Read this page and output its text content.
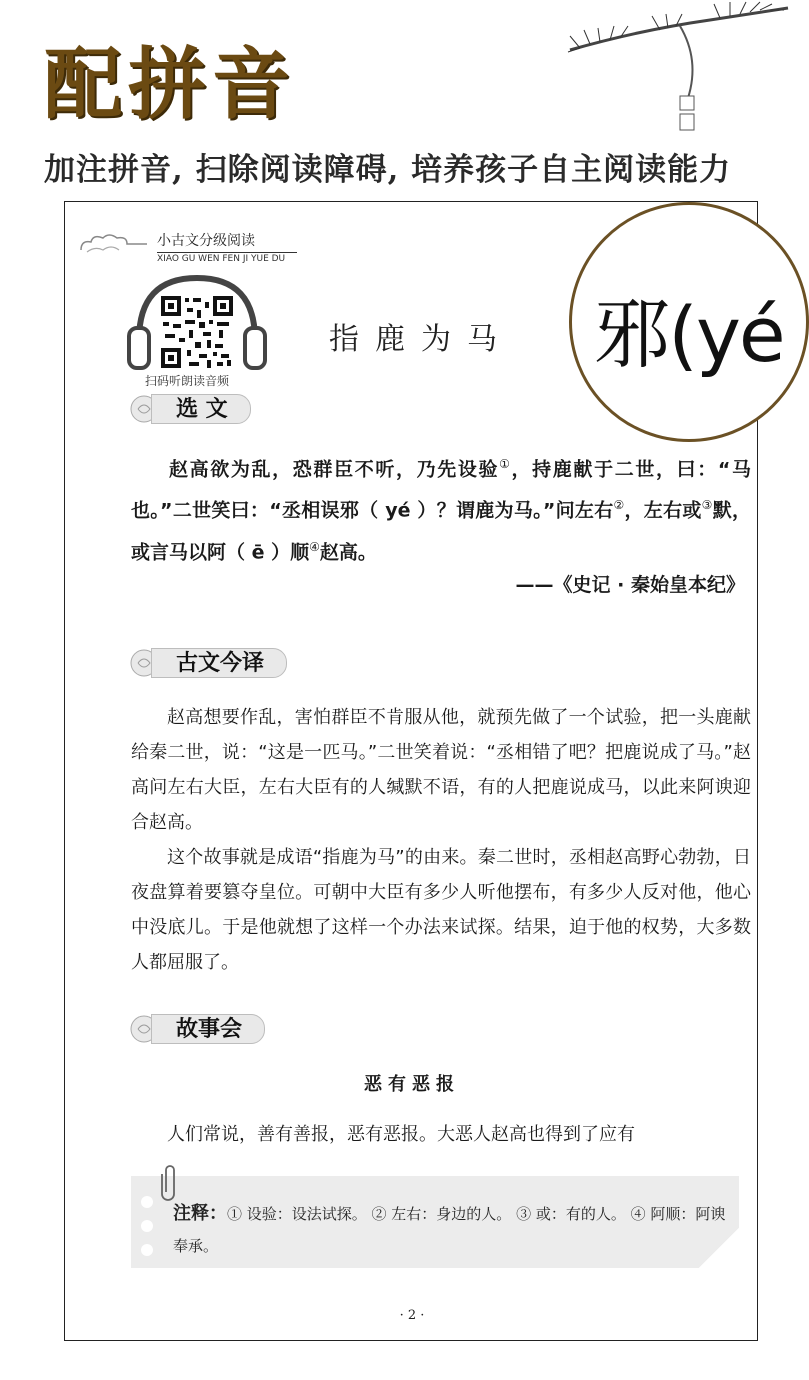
配拼音
加注拼音, 扫除阅读障碍, 培养孩子自主阅读能力
小古文分级阅读
XIAO GU WEN FEN JI YUE DU
扫码听朗读音频
指鹿为马	邪(yé
选 文

赵高欲为乱，恐群臣不听，乃先设验①，持鹿献于二世，曰：“马也。”二世笑曰：“丞相误邪（ yé ）？谓鹿为马。”问左右②，左右或③默，或言马以阿（ ē ）顺④赵高。

——《史记 · 秦始皇本纪》
古文今译

赵高想要作乱，害怕群臣不肯服从他，就预先做了一个试验，把一头鹿献给秦二世，说：“这是一匹马。”二世笑着说：“丞相错了吧？把鹿说成了马。”赵高问左右大臣，左右大臣有的人缄默不语，有的人把鹿说成马，以此来阿谀迎合赵高。

这个故事就是成语“指鹿为马”的由来。秦二世时，丞相赵高野心勃勃，日夜盘算着要篡夺皇位。可朝中大臣有多少人听他摆布，有多少人反对他，他心中没底儿。于是他就想了这样一个办法来试探。结果，迫于他的权势，大多数人都屈服了。

故事会
恶有恶报
人们常说，善有善报，恶有恶报。大恶人赵高也得到了应有
注释：① 设验：设法试探。 ② 左右：身边的人。 ③ 或：有的人。 ④ 阿顺：阿谀奉承。
· 2 ·
